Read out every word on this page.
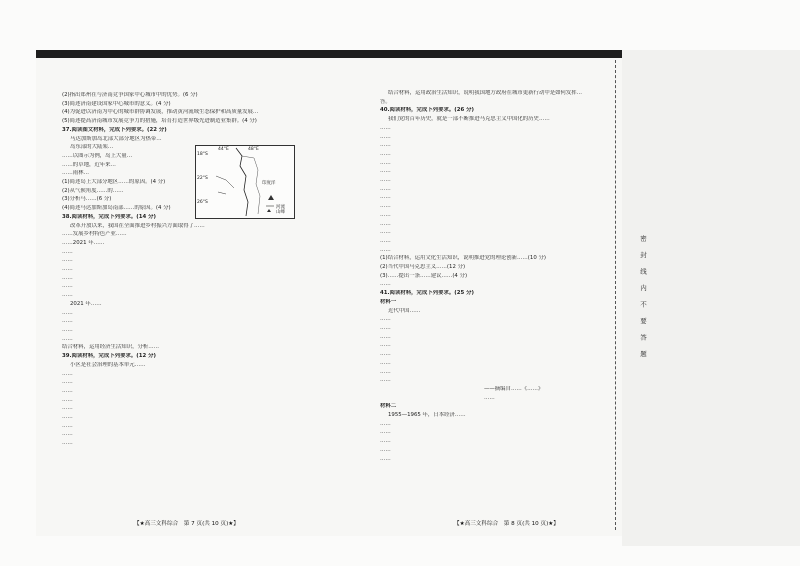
密封线内不要答题

(2)指出郑州在与济南竞争国家中心城市中的优势。(6 分)

(3)简述济南建设国家中心城市的意义。(4 分)

(4)为促进以济南为中心的城市群协调发展，推动黄河流域生态保护和高质量发展…

(5)简述提高济南城市发展竞争力的措施，培育打造世界级先进制造业集群。(4 分)

37.阅读图文材料，完成下列要求。(22 分)

马达加斯加岛北部大部分地区为热带…

岛东部的大陆架…

……以图示为例，岛上大量…

……的草地，近年来…

……雨林…

(1)简述岛上大部分地区……的原因。(4 分)

(2)从气候角度……的……

(3)分析马……(6 分)

(4)简述马达加斯加岛南部……的原因。(4 分)

38.阅读材料，完成下列要求。(14 分)

改革开放以来，我国在全面推进乡村振兴方面取得了……

……发展乡村特色产业……

……2021 年……

……

……

……

……

……

……

2021 年……

……

……

……

……

结合材料，运用经济生活知识，分析……

39.阅读材料，完成下列要求。(12 分)

小区是社会治理的基本单元……

……

……

……

……

……

……

……

……

……

结合材料，运用政治生活知识，说明我国地方政府在城市更新行动中是如何发挥…

答。

40.阅读材料，完成下列要求。(26 分)

我们党的百年历史，就是一部不断推进马克思主义中国化的历史……

……

……

……

……

……

……

……

……

……

……

……

……

……

……

……

(1)结合材料，运用文化生活知识，说明推进党的理论创新……(10 分)

(2)当代中国马克思主义……(12 分)

(3)……提出一条……建议……(4 分)

……

41.阅读材料，完成下列要求。(25 分)

材料一

近代中国……

……

……

……

……

……

……

……

……

——摘编自……《……》

……

材料二

1955—1965 年，日本经济……

……

……

……

……

……

18°S
22°S
26°S
44°E	48°E
印度洋
河流
山峰
【★高三文科综合　第 7 页(共 10 页)★】	【★高三文科综合　第 8 页(共 10 页)★】
